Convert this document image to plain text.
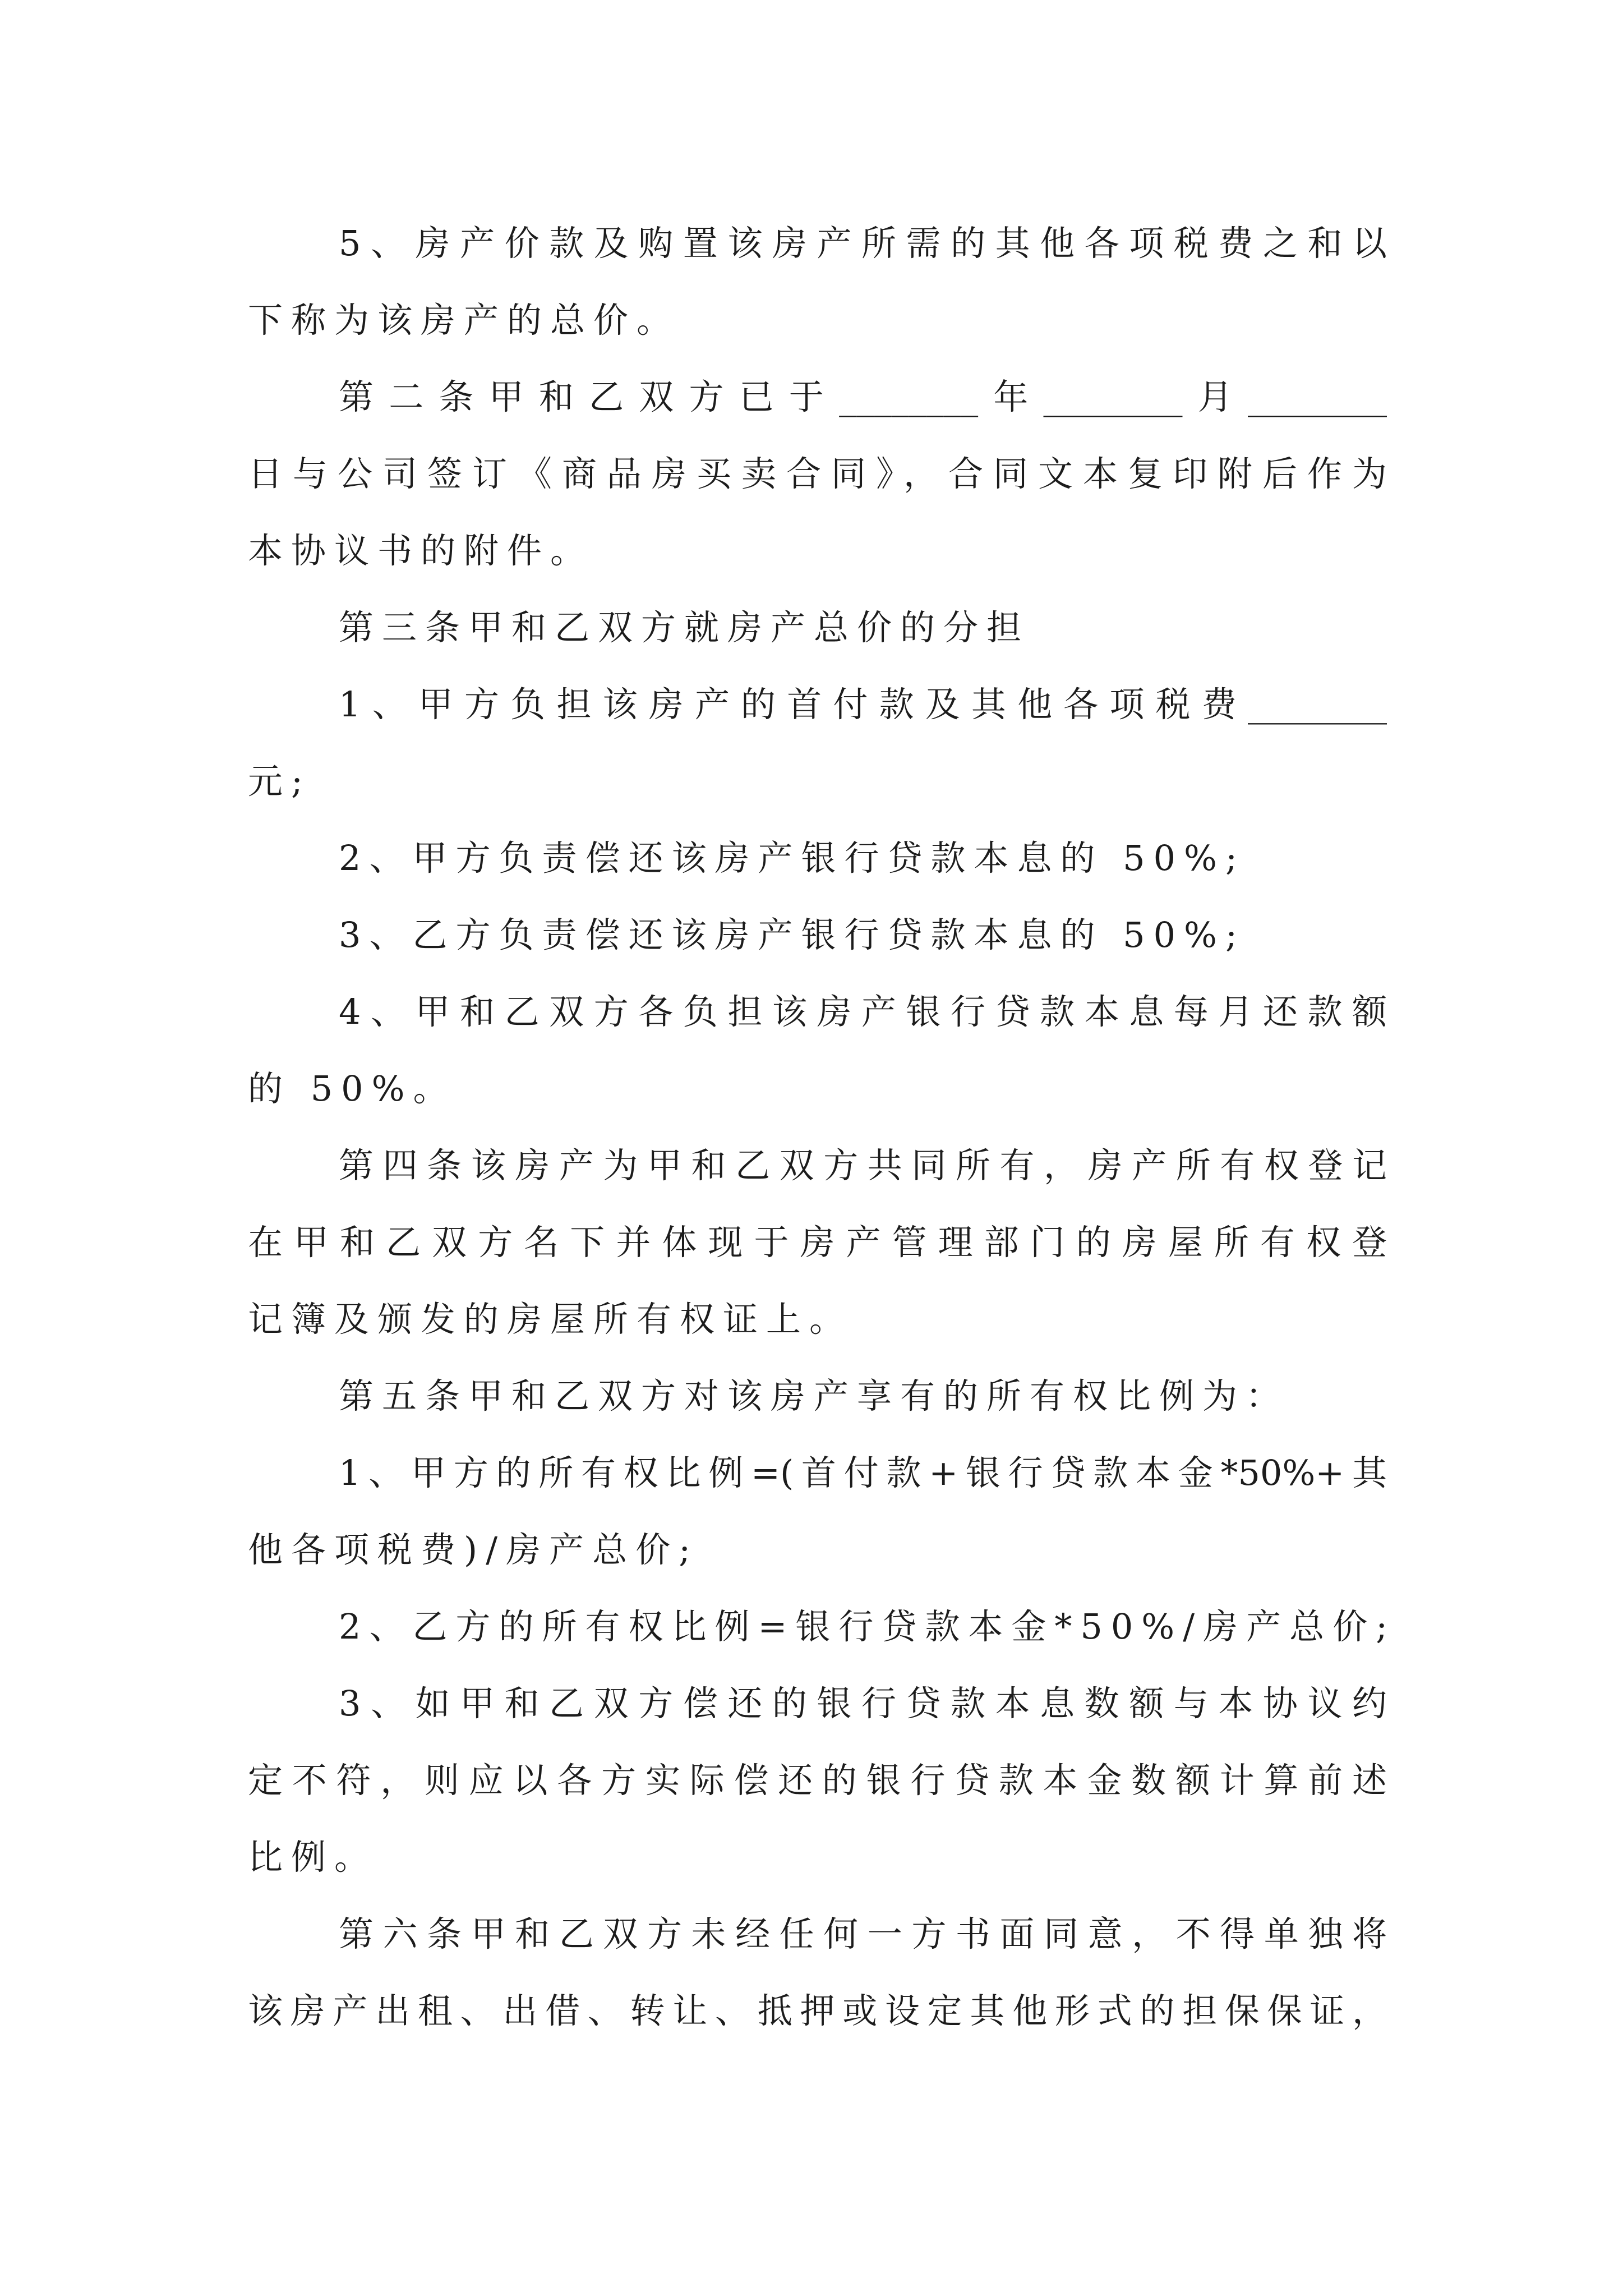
5、房产价款及购置该房产所需的其他各项税费之和以
下称为该房产的总价。
第二条甲和乙双方已于________年________月________
日与公司签订《商品房买卖合同》，合同文本复印附后作为
本协议书的附件。
第三条甲和乙双方就房产总价的分担
1、甲方负担该房产的首付款及其他各项税费________
元;
2、甲方负责偿还该房产银行贷款本息的 50%;
3、乙方负责偿还该房产银行贷款本息的 50%;
4、甲和乙双方各负担该房产银行贷款本息每月还款额
的 50%。
第四条该房产为甲和乙双方共同所有，房产所有权登记
在甲和乙双方名下并体现于房产管理部门的房屋所有权登
记簿及颁发的房屋所有权证上。
第五条甲和乙双方对该房产享有的所有权比例为：
1、甲方的所有权比例=(首付款+银行贷款本金*50%+其
他各项税费)/房产总价;
2、乙方的所有权比例=银行贷款本金*50%/房产总价;
3、如甲和乙双方偿还的银行贷款本息数额与本协议约
定不符，则应以各方实际偿还的银行贷款本金数额计算前述
比例。
第六条甲和乙双方未经任何一方书面同意，不得单独将
该房产出租、出借、转让、抵押或设定其他形式的担保保证，
